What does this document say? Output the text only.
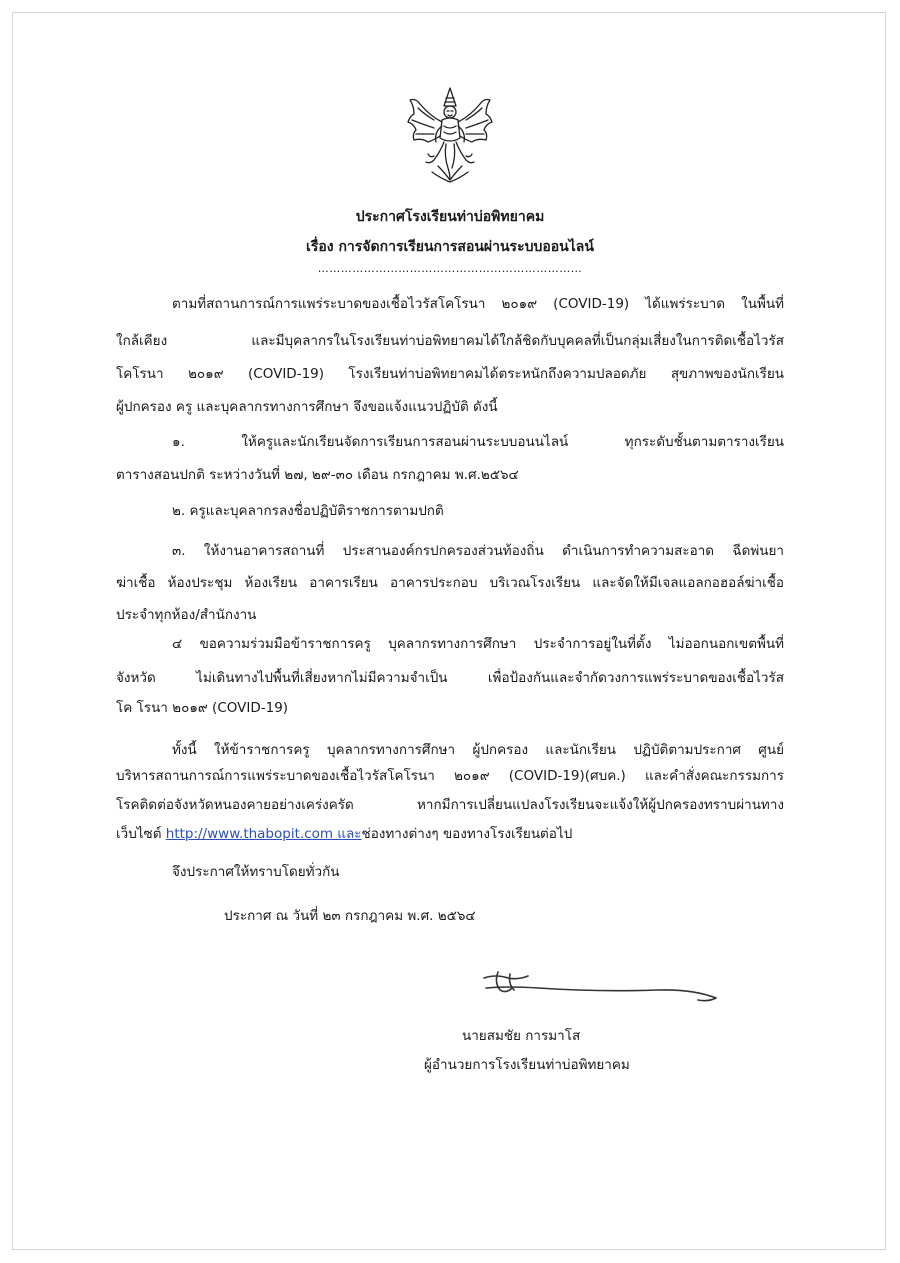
ประกาศโรงเรียนท่าบ่อพิทยาคม
เรื่อง การจัดการเรียนการสอนผ่านระบบออนไลน์
……………………………………………………………
ตามที่สถานการณ์การแพร่ระบาดของเชื้อไวรัสโคโรนา ๒๐๑๙ (COVID-19) ได้แพร่ระบาด ในพื้นที่
ใกล้เคียง และมีบุคลากรในโรงเรียนท่าบ่อพิทยาคมได้ใกล้ชิดกับบุคคลที่เป็นกลุ่มเสี่ยงในการติดเชื้อไวรัส
โคโรนา ๒๐๑๙ (COVID-19) โรงเรียนท่าบ่อพิทยาคมได้ตระหนักถึงความปลอดภัย สุขภาพของนักเรียน
ผู้ปกครอง ครู และบุคลากรทางการศึกษา จึงขอแจ้งแนวปฏิบัติ ดังนี้
๑. ให้ครูและนักเรียนจัดการเรียนการสอนผ่านระบบอนนไลน์ ทุกระดับชั้นตามตารางเรียน
ตารางสอนปกติ ระหว่างวันที่ ๒๗, ๒๙-๓๐ เดือน กรกฎาคม พ.ศ.๒๕๖๔
๒. ครูและบุคลากรลงชื่อปฏิบัติราชการตามปกติ
๓. ให้งานอาคารสถานที่ ประสานองค์กรปกครองส่วนท้องถิ่น ดำเนินการทำความสะอาด ฉีดพ่นยา
ฆ่าเชื้อ ห้องประชุม ห้องเรียน อาคารเรียน อาคารประกอบ บริเวณโรงเรียน และจัดให้มีเจลแอลกอฮอล์ฆ่าเชื้อ
ประจำทุกห้อง/สำนักงาน
๔ ขอความร่วมมือข้าราชการครู บุคลากรทางการศึกษา ประจำการอยู่ในที่ตั้ง ไม่ออกนอกเขตพื้นที่
จังหวัด ไม่เดินทางไปพื้นที่เสี่ยงหากไม่มีความจำเป็น เพื่อป้องกันและจำกัดวงการแพร่ระบาดของเชื้อไวรัส
โค โรนา ๒๐๑๙ (COVID-19)
ทั้งนี้ ให้ข้าราชการครู บุคลากรทางการศึกษา ผู้ปกครอง และนักเรียน ปฏิบัติตามประกาศ ศูนย์
บริหารสถานการณ์การแพร่ระบาดของเชื้อไวรัสโคโรนา ๒๐๑๙ (COVID-19)(ศบค.) และคำสั่งคณะกรรมการ
โรคติดต่อจังหวัดหนองคายอย่างเคร่งครัด หากมีการเปลี่ยนแปลงโรงเรียนจะแจ้งให้ผู้ปกครองทราบผ่านทาง
เว็บไซต์ http://www.thabopit.com และช่องทางต่างๆ ของทางโรงเรียนต่อไป
จึงประกาศให้ทราบโดยทั่วกัน
ประกาศ ณ วันที่ ๒๓ กรกฎาคม พ.ศ. ๒๕๖๔
นายสมชัย การมาโส
ผู้อำนวยการโรงเรียนท่าบ่อพิทยาคม
